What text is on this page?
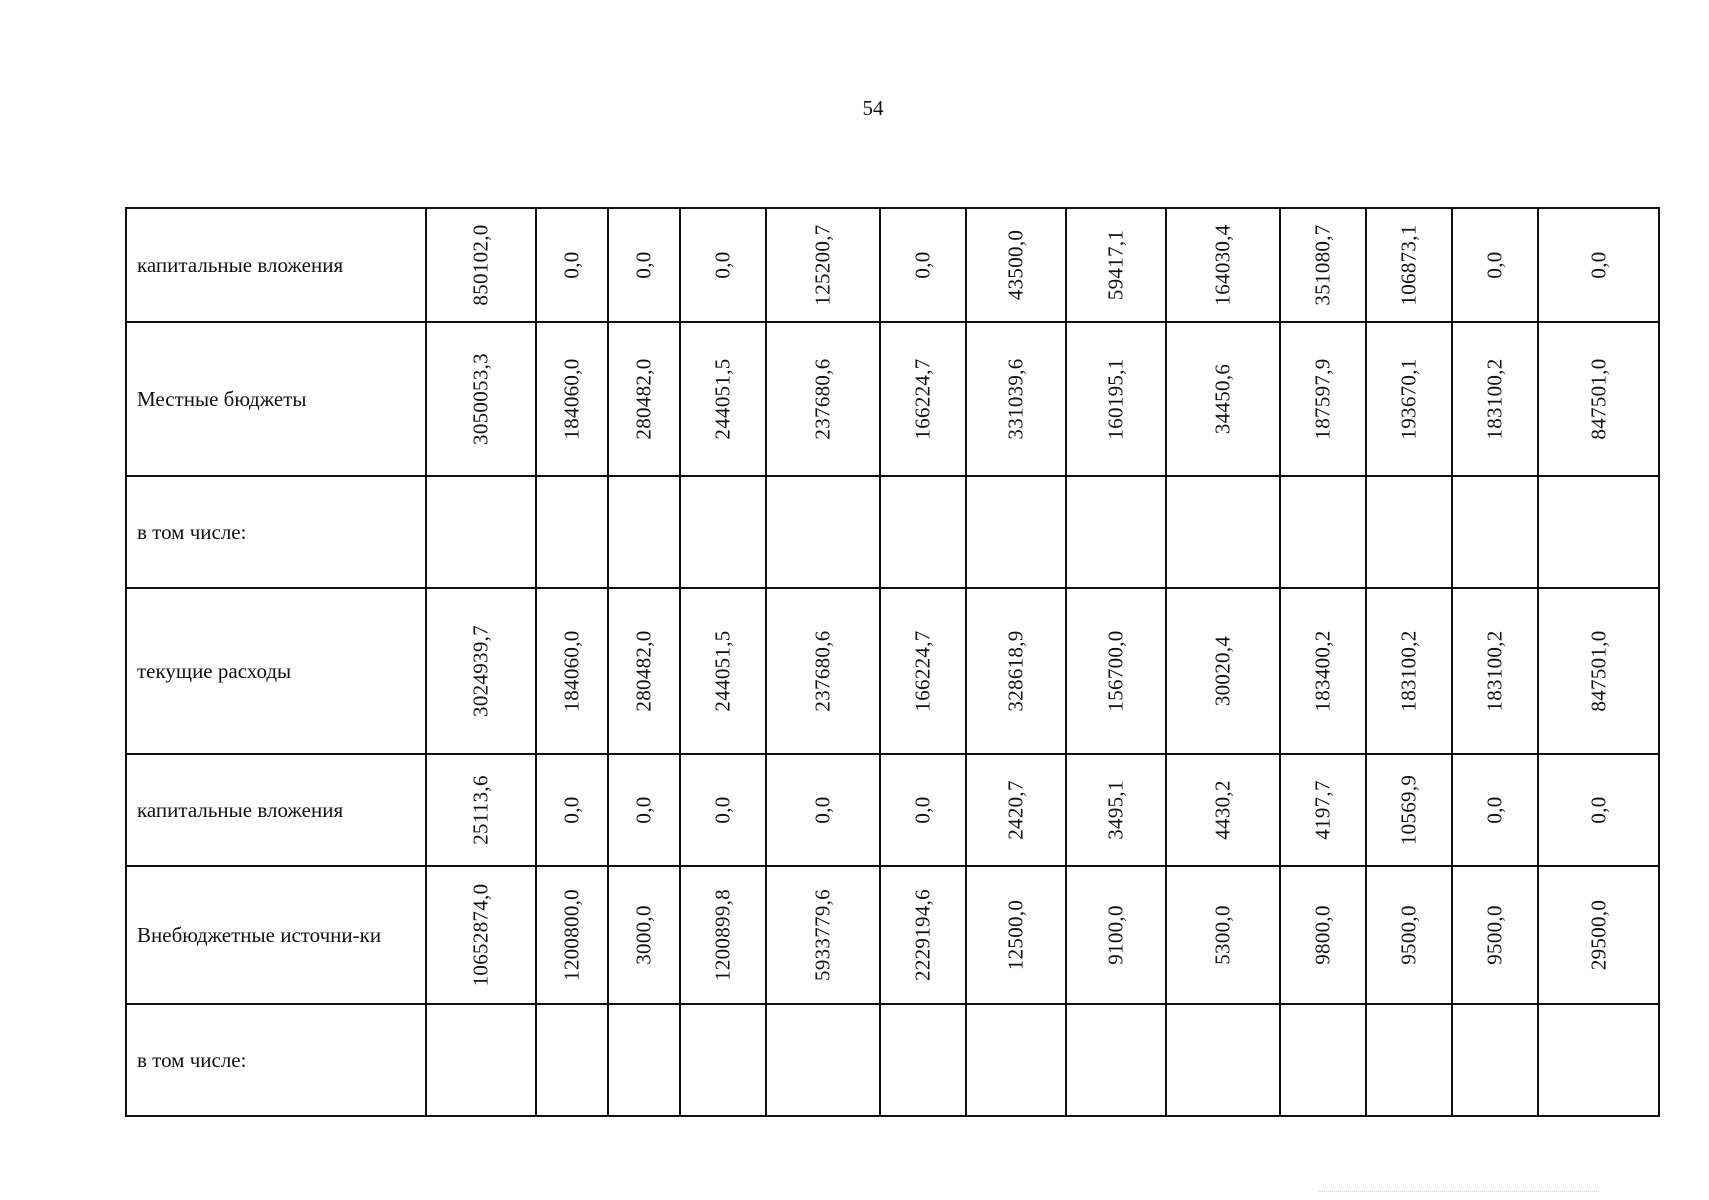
54
капитальные вложения	850102,0	0,0	0,0	0,0	125200,7	0,0	43500,0	59417,1	164030,4	351080,7	106873,1	0,0	0,0

Местные бюджеты	3050053,3	184060,0	280482,0	244051,5	237680,6	166224,7	331039,6	160195,1	34450,6	187597,9	193670,1	183100,2	847501,0

в том числе:	

текущие расходы	3024939,7	184060,0	280482,0	244051,5	237680,6	166224,7	328618,9	156700,0	30020,4	183400,2	183100,2	183100,2	847501,0

капитальные вложения	25113,6	0,0	0,0	0,0	0,0	0,0	2420,7	3495,1	4430,2	4197,7	10569,9	0,0	0,0

Внебюджетные источни-ки	10652874,0	1200800,0	3000,0	1200899,8	5933779,6	2229194,6	12500,0	9100,0	5300,0	9800,0	9500,0	9500,0	29500,0

в том числе:	
